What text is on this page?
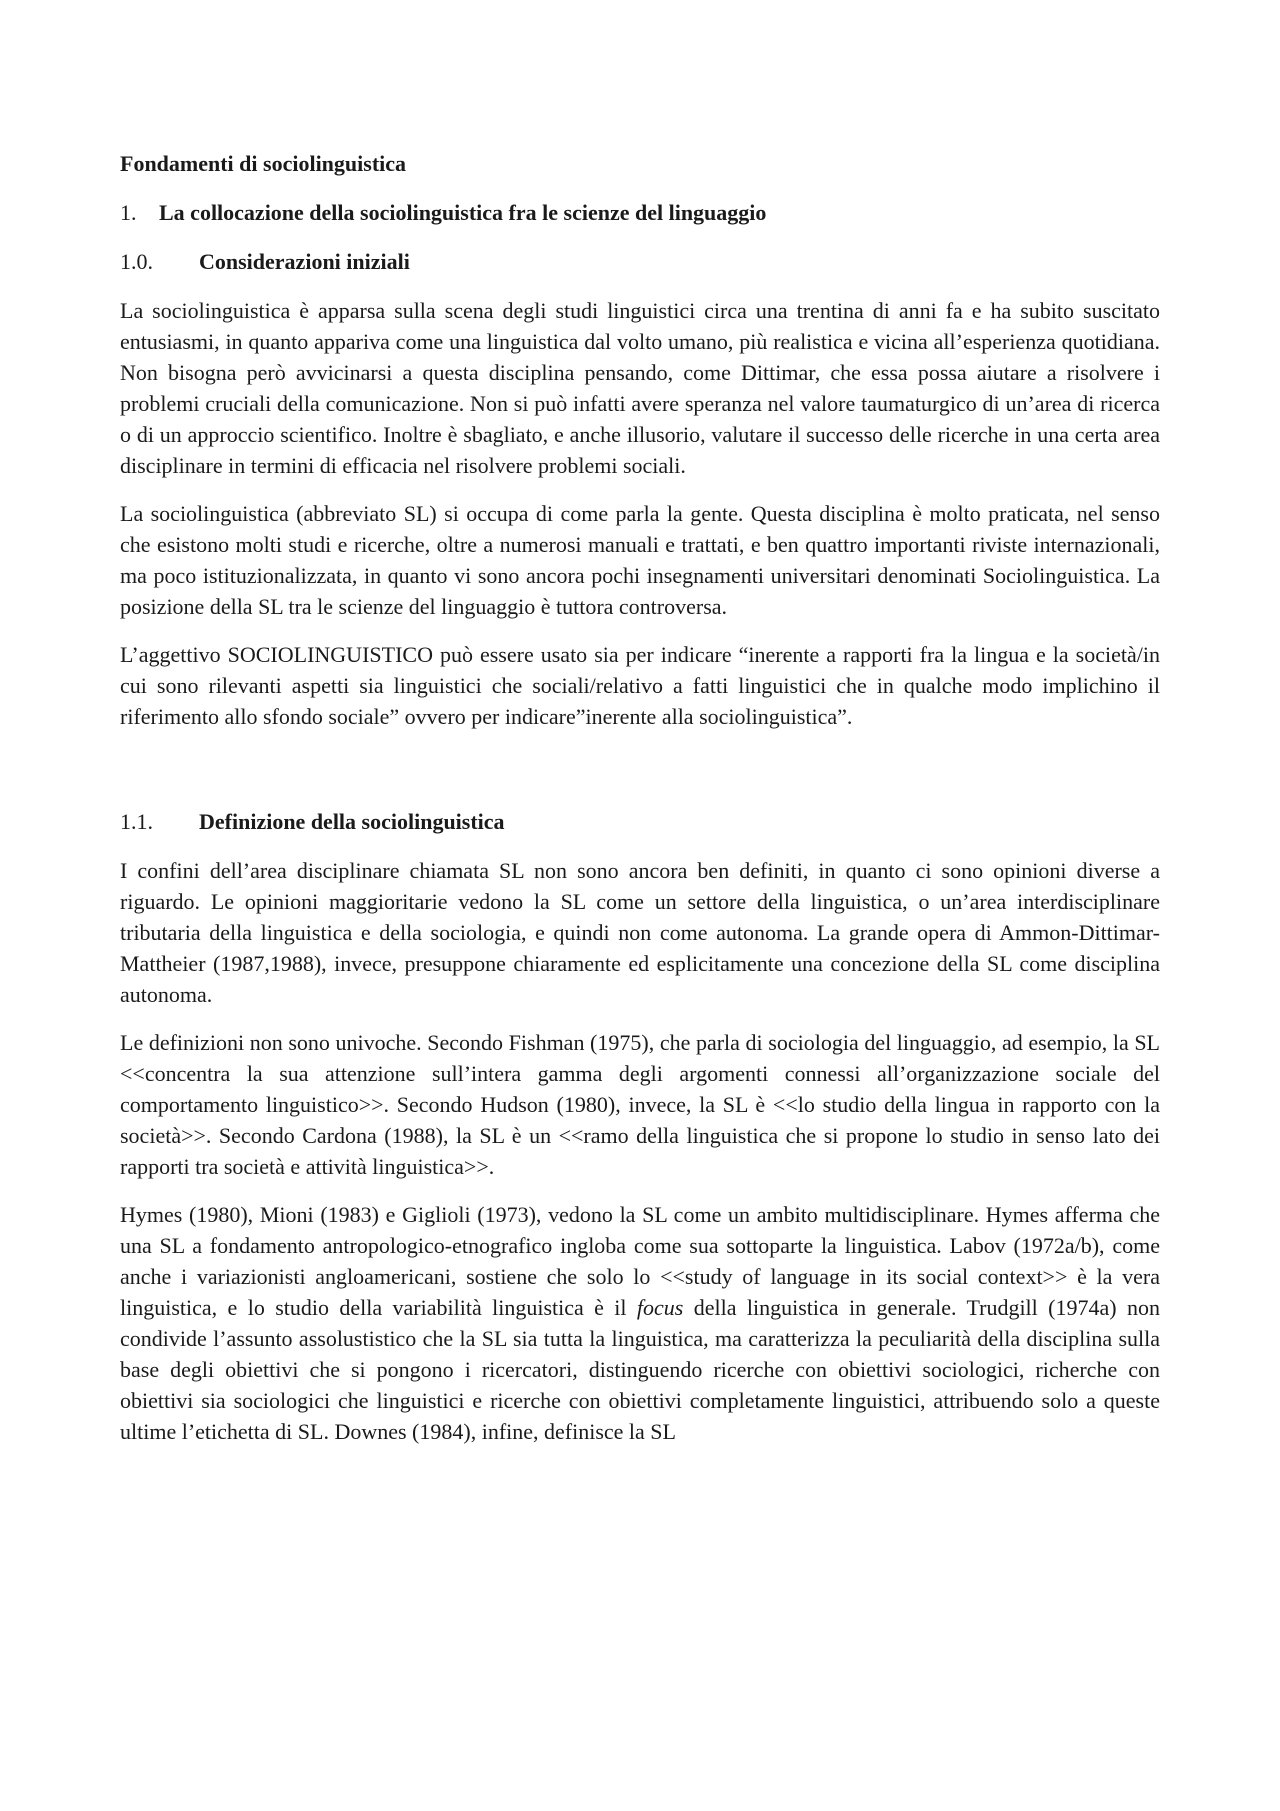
Fondamenti di sociolinguistica
1. La collocazione della sociolinguistica fra le scienze del linguaggio
1.0. Considerazioni iniziali

La sociolinguistica è apparsa sulla scena degli studi linguistici circa una trentina di anni fa e ha subito suscitato entusiasmi, in quanto appariva come una linguistica dal volto umano, più realistica e vicina all’esperienza quotidiana. Non bisogna però avvicinarsi a questa disciplina pensando, come Dittimar, che essa possa aiutare a risolvere i problemi cruciali della comunicazione. Non si può infatti avere speranza nel valore taumaturgico di un’area di ricerca o di un approccio scientifico. Inoltre è sbagliato, e anche illusorio, valutare il successo delle ricerche in una certa area disciplinare in termini di efficacia nel risolvere problemi sociali.

La sociolinguistica (abbreviato SL) si occupa di come parla la gente. Questa disciplina è molto praticata, nel senso che esistono molti studi e ricerche, oltre a numerosi manuali e trattati, e ben quattro importanti riviste internazionali, ma poco istituzionalizzata, in quanto vi sono ancora pochi insegnamenti universitari denominati Sociolinguistica. La posizione della SL tra le scienze del linguaggio è tuttora controversa.

L’aggettivo SOCIOLINGUISTICO può essere usato sia per indicare “inerente a rapporti fra la lingua e la società/in cui sono rilevanti aspetti sia linguistici che sociali/relativo a fatti linguistici che in qualche modo implichino il riferimento allo sfondo sociale” ovvero per indicare”inerente alla sociolinguistica”.

1.1. Definizione della sociolinguistica

I confini dell’area disciplinare chiamata SL non sono ancora ben definiti, in quanto ci sono opinioni diverse a riguardo. Le opinioni maggioritarie vedono la SL come un settore della linguistica, o un’area interdisciplinare tributaria della linguistica e della sociologia, e quindi non come autonoma. La grande opera di Ammon-Dittimar-Mattheier (1987,1988), invece, presuppone chiaramente ed esplicitamente una concezione della SL come disciplina autonoma.

Le definizioni non sono univoche. Secondo Fishman (1975), che parla di sociologia del linguaggio, ad esempio, la SL <<concentra la sua attenzione sull’intera gamma degli argomenti connessi all’organizzazione sociale del comportamento linguistico>>. Secondo Hudson (1980), invece, la SL è <<lo studio della lingua in rapporto con la società>>. Secondo Cardona (1988), la SL è un <<ramo della linguistica che si propone lo studio in senso lato dei rapporti tra società e attività linguistica>>.

Hymes (1980), Mioni (1983) e Giglioli (1973), vedono la SL come un ambito multidisciplinare. Hymes afferma che una SL a fondamento antropologico-etnografico ingloba come sua sottoparte la linguistica. Labov (1972a/b), come anche i variazionisti angloamericani, sostiene che solo lo <<study of language in its social context>> è la vera linguistica, e lo studio della variabilità linguistica è il focus della linguistica in generale. Trudgill (1974a) non condivide l’assunto assolustistico che la SL sia tutta la linguistica, ma caratterizza la peculiarità della disciplina sulla base degli obiettivi che si pongono i ricercatori, distinguendo ricerche con obiettivi sociologici, richerche con obiettivi sia sociologici che linguistici e ricerche con obiettivi completamente linguistici, attribuendo solo a queste ultime l’etichetta di SL. Downes (1984), infine, definisce la SL
